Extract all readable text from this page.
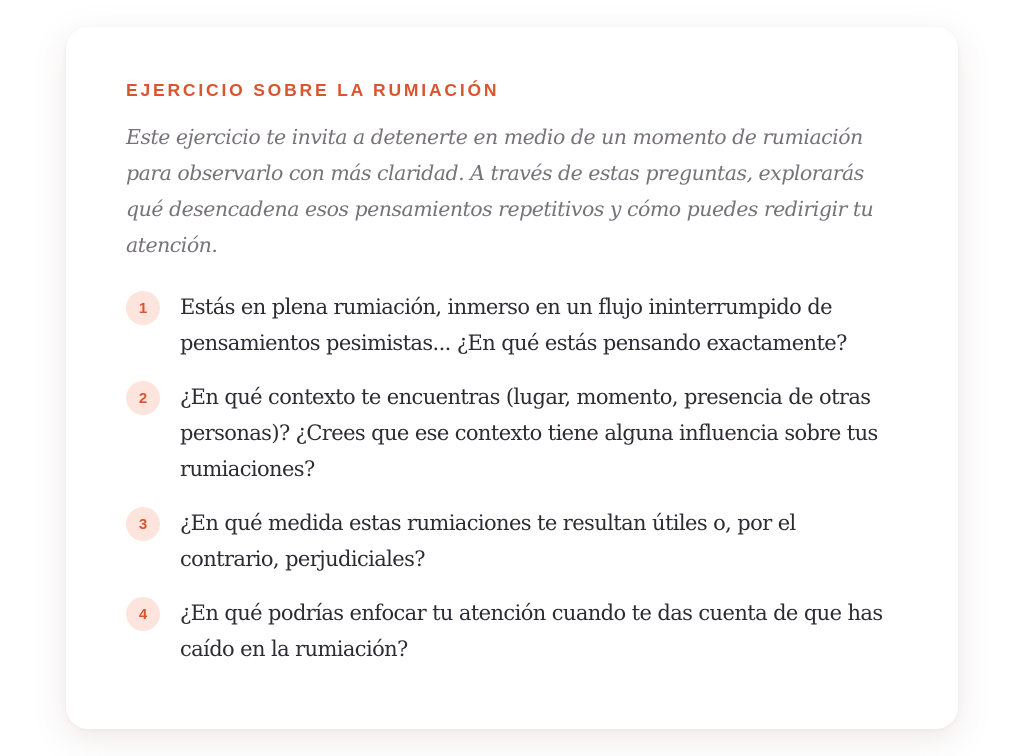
EJERCICIO SOBRE LA RUMIACIÓN

Este ejercicio te invita a detenerte en medio de un momento de rumiación para observarlo con más claridad. A través de estas preguntas, explorarás qué desencadena esos pensamientos repetitivos y cómo puedes redirigir tu atención.

1	Estás en plena rumiación, inmerso en un flujo ininterrumpido de pensamientos pesimistas... ¿En qué estás pensando exactamente?
2	¿En qué contexto te encuentras (lugar, momento, presencia de otras personas)? ¿Crees que ese contexto tiene alguna influencia sobre tus rumiaciones?
3	¿En qué medida estas rumiaciones te resultan útiles o, por el contrario, perjudiciales?
4	¿En qué podrías enfocar tu atención cuando te das cuenta de que has caído en la rumiación?
